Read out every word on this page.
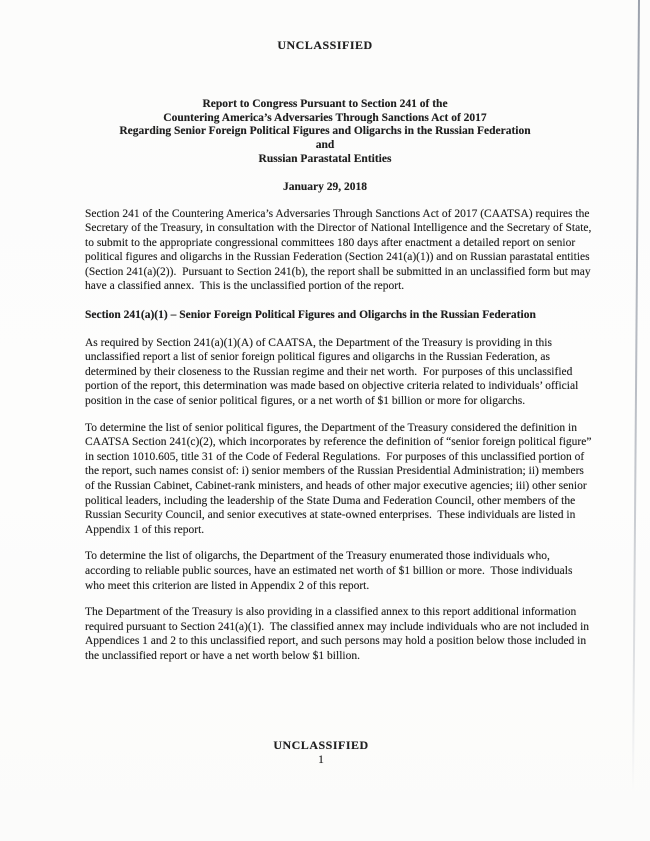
UNCLASSIFIED
Report to Congress Pursuant to Section 241 of the
Countering America’s Adversaries Through Sanctions Act of 2017
Regarding Senior Foreign Political Figures and Oligarchs in the Russian Federation
and
Russian Parastatal Entities
January 29, 2018

Section 241 of the Countering America’s Adversaries Through Sanctions Act of 2017 (CAATSA) requires the Secretary of the Treasury, in consultation with the Director of National Intelligence and the Secretary of State, to submit to the appropriate congressional committees 180 days after enactment a detailed report on senior political figures and oligarchs in the Russian Federation (Section 241(a)(1)) and on Russian parastatal entities (Section 241(a)(2)).  Pursuant to Section 241(b), the report shall be submitted in an unclassified form but may have a classified annex.  This is the unclassified portion of the report.

Section 241(a)(1) – Senior Foreign Political Figures and Oligarchs in the Russian Federation

As required by Section 241(a)(1)(A) of CAATSA, the Department of the Treasury is providing in this unclassified report a list of senior foreign political figures and oligarchs in the Russian Federation, as determined by their closeness to the Russian regime and their net worth.  For purposes of this unclassified portion of the report, this determination was made based on objective criteria related to individuals’ official position in the case of senior political figures, or a net worth of $1 billion or more for oligarchs.

To determine the list of senior political figures, the Department of the Treasury considered the definition in CAATSA Section 241(c)(2), which incorporates by reference the definition of “senior foreign political figure” in section 1010.605, title 31 of the Code of Federal Regulations.  For purposes of this unclassified portion of the report, such names consist of: i) senior members of the Russian Presidential Administration; ii) members of the Russian Cabinet, Cabinet-rank ministers, and heads of other major executive agencies; iii) other senior political leaders, including the leadership of the State Duma and Federation Council, other members of the Russian Security Council, and senior executives at state-owned enterprises.  These individuals are listed in Appendix 1 of this report.

To determine the list of oligarchs, the Department of the Treasury enumerated those individuals who, according to reliable public sources, have an estimated net worth of $1 billion or more.  Those individuals who meet this criterion are listed in Appendix 2 of this report.

The Department of the Treasury is also providing in a classified annex to this report additional information required pursuant to Section 241(a)(1).  The classified annex may include individuals who are not included in Appendices 1 and 2 to this unclassified report, and such persons may hold a position below those included in the unclassified report or have a net worth below $1 billion.

UNCLASSIFIED
1
